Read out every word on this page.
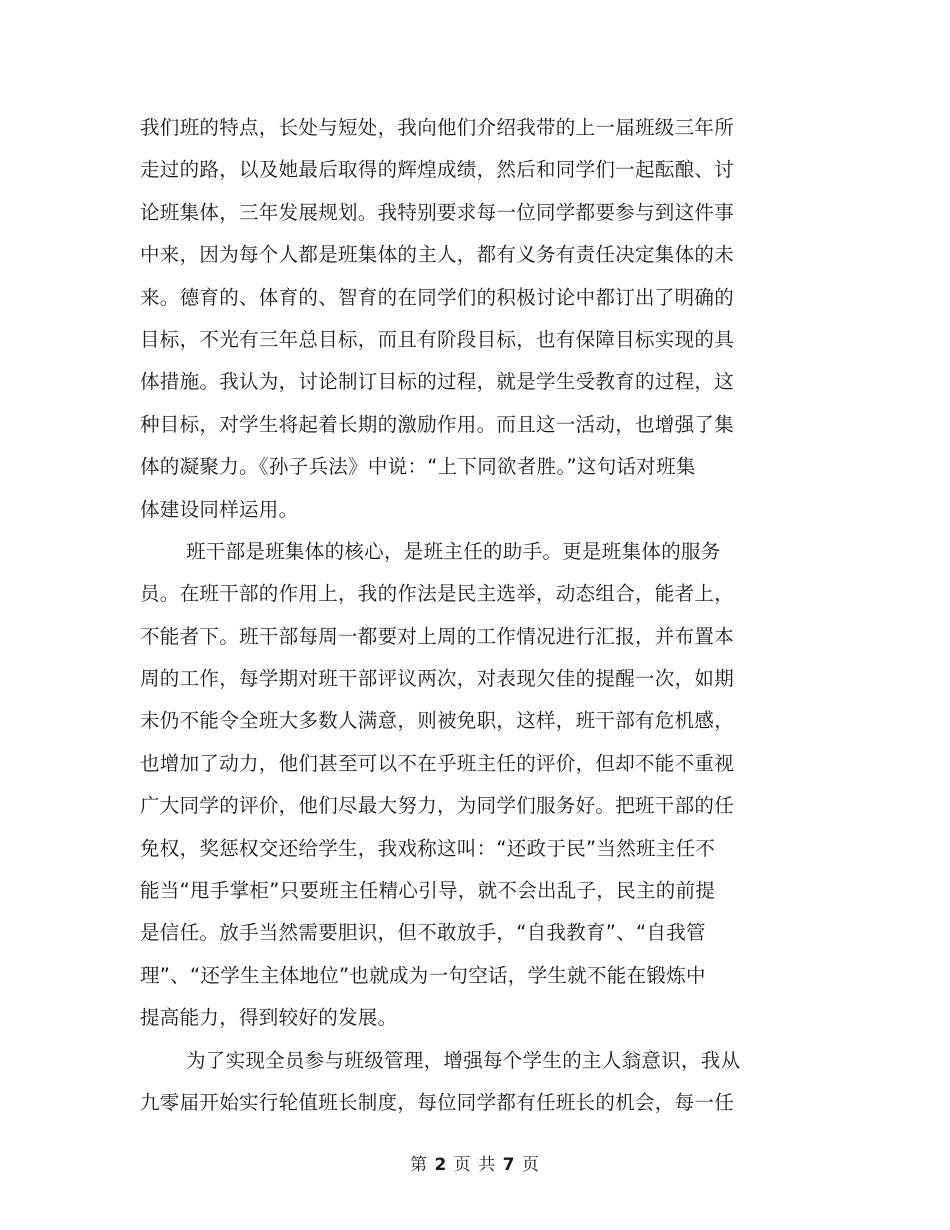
我们班的特点，长处与短处，我向他们介绍我带的上一届班级三年所
走过的路，以及她最后取得的辉煌成绩，然后和同学们一起酝酿、讨
论班集体，三年发展规划。我特别要求每一位同学都要参与到这件事
中来，因为每个人都是班集体的主人，都有义务有责任决定集体的未
来。德育的、体育的、智育的在同学们的积极讨论中都订出了明确的
目标，不光有三年总目标，而且有阶段目标，也有保障目标实现的具
体措施。我认为，讨论制订目标的过程，就是学生受教育的过程，这
种目标，对学生将起着长期的激励作用。而且这一活动，也增强了集
体的凝聚力。《孙子兵法》中说：“上下同欲者胜。”这句话对班集
体建设同样运用。
班干部是班集体的核心，是班主任的助手。更是班集体的服务
员。在班干部的作用上，我的作法是民主选举，动态组合，能者上，
不能者下。班干部每周一都要对上周的工作情况进行汇报，并布置本
周的工作，每学期对班干部评议两次，对表现欠佳的提醒一次，如期
未仍不能令全班大多数人满意，则被免职，这样，班干部有危机感，
也增加了动力，他们甚至可以不在乎班主任的评价，但却不能不重视
广大同学的评价，他们尽最大努力，为同学们服务好。把班干部的任
免权，奖惩权交还给学生，我戏称这叫：“还政于民”当然班主任不
能当“甩手掌柜”只要班主任精心引导，就不会出乱子，民主的前提
是信任。放手当然需要胆识，但不敢放手，“自我教育”、“自我管
理”、“还学生主体地位”也就成为一句空话，学生就不能在锻炼中
提高能力，得到较好的发展。
为了实现全员参与班级管理，增强每个学生的主人翁意识，我从
九零届开始实行轮值班长制度，每位同学都有任班长的机会，每一任
第 2 页 共 7 页
